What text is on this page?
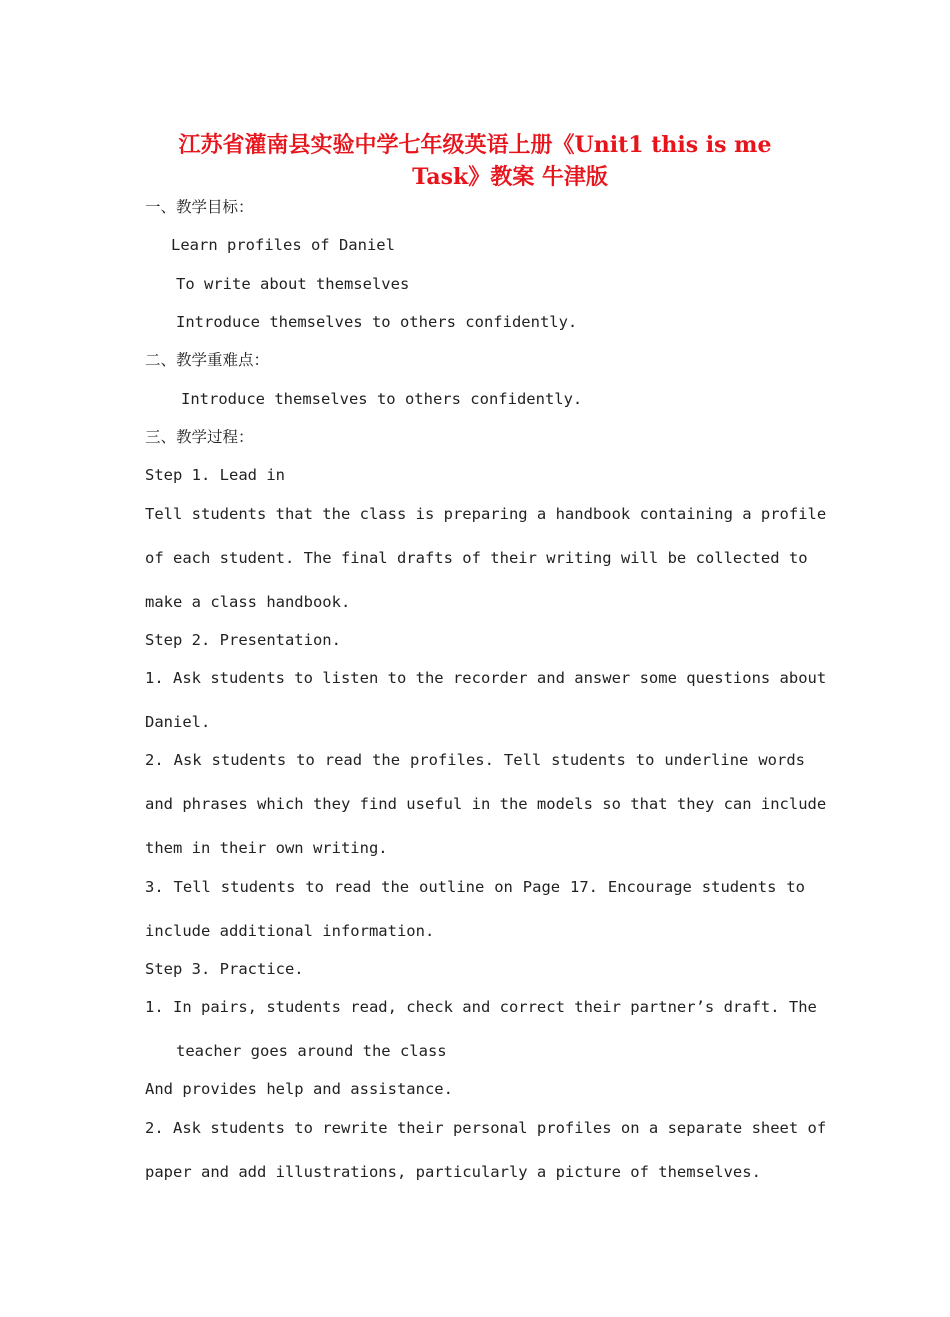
江苏省灌南县实验中学七年级英语上册《Unit1 this is me
Task》教案 牛津版
一、教学目标：
Learn profiles of Daniel
To write about themselves
Introduce themselves to others confidently.
二、教学重难点：
Introduce themselves to others confidently.
三、教学过程：
Step 1. Lead in
Tell students that the class is preparing a handbook containing a profile
of each student. The final drafts of their writing will be collected to
make a class handbook.
Step 2. Presentation.
1. Ask students to listen to the recorder and answer some questions about
Daniel.
2. Ask students to read the profiles. Tell students to underline words
and phrases which they find useful in the models so that they can include
them in their own writing.
3. Tell students to read the outline on Page 17. Encourage students to
include additional information.
Step 3. Practice.
1. In pairs, students read, check and correct their partner’s draft. The
teacher goes around the class
And provides help and assistance.
2. Ask students to rewrite their personal profiles on a separate sheet of
paper and add illustrations, particularly a picture of themselves.
